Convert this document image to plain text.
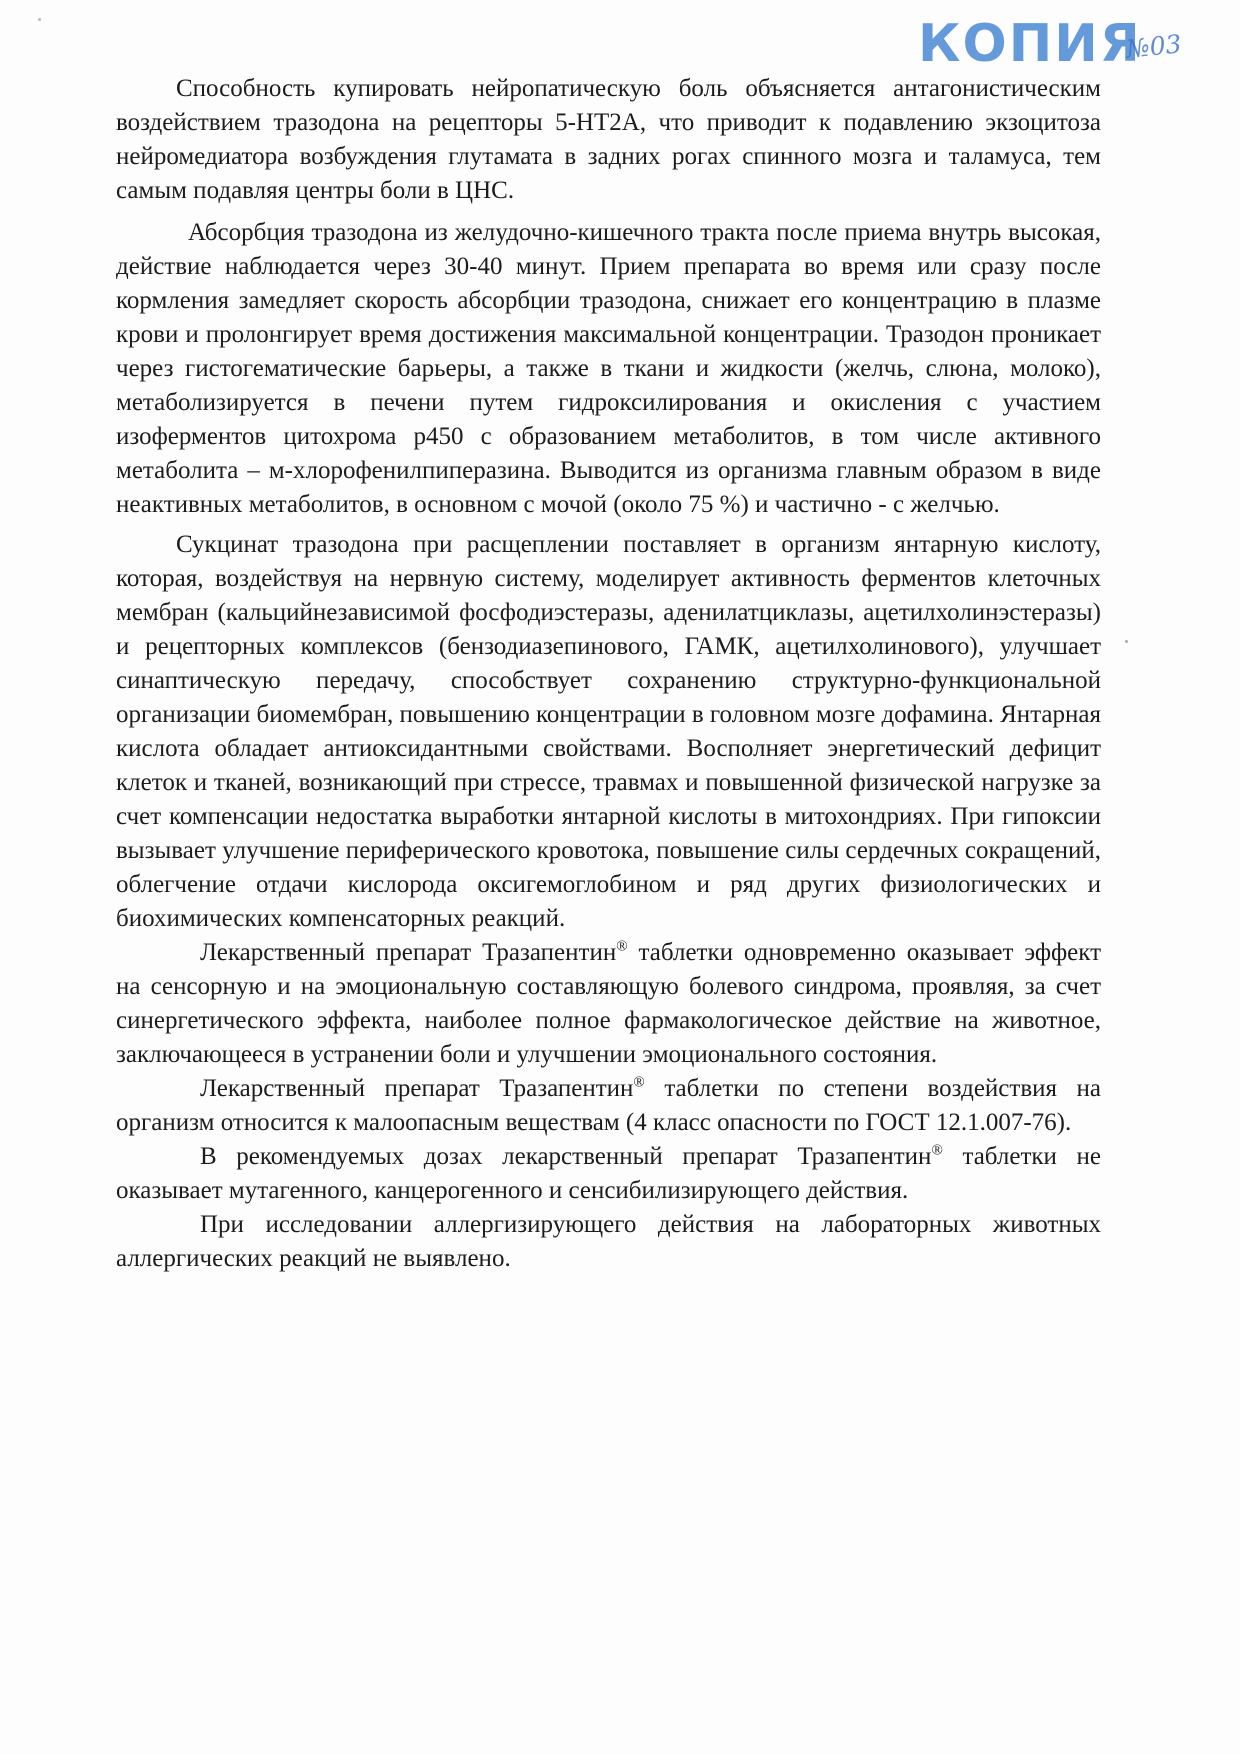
КОПИЯ
№03

Способность купировать нейропатическую боль объясняется антагонистическим воздействием тразодона на рецепторы 5-HT2A, что приводит к подавлению экзоцитоза нейромедиатора возбуждения глутамата в задних рогах спинного мозга и таламуса, тем самым подавляя центры боли в ЦНС.

Абсорбция тразодона из желудочно-кишечного тракта после приема внутрь высокая, действие наблюдается через 30-40 минут. Прием препарата во время или сразу после кормления замедляет скорость абсорбции тразодона, снижает его концентрацию в плазме крови и пролонгирует время достижения максимальной концентрации. Тразодон проникает через гистогематические барьеры, а также в ткани и жидкости (желчь, слюна, молоко), метаболизируется в печени путем гидроксилирования и окисления с участием изоферментов цитохрома p450 с образованием метаболитов, в том числе активного метаболита – м-хлорофенилпиперазина. Выводится из организма главным образом в виде неактивных метаболитов, в основном с мочой (около 75 %) и частично - с желчью.

Сукцинат тразодона при расщеплении поставляет в организм янтарную кислоту, которая, воздействуя на нервную систему, моделирует активность ферментов клеточных мембран (кальцийнезависимой фосфодиэстеразы, аденилатциклазы, ацетилхолинэстеразы) и рецепторных комплексов (бензодиазепинового, ГАМК, ацетилхолинового), улучшает синаптическую передачу, способствует сохранению структурно-функциональной организации биомембран, повышению концентрации в головном мозге дофамина. Янтарная кислота обладает антиоксидантными свойствами. Восполняет энергетический дефицит клеток и тканей, возникающий при стрессе, травмах и повышенной физической нагрузке за счет компенсации недостатка выработки янтарной кислоты в митохондриях. При гипоксии вызывает улучшение периферического кровотока, повышение силы сердечных сокращений, облегчение отдачи кислорода оксигемоглобином и ряд других физиологических и биохимических компенсаторных реакций.

Лекарственный препарат Тразапентин® таблетки одновременно оказывает эффект на сенсорную и на эмоциональную составляющую болевого синдрома, проявляя, за счет синергетического эффекта, наиболее полное фармакологическое действие на животное, заключающееся в устранении боли и улучшении эмоционального состояния.

Лекарственный препарат Тразапентин® таблетки по степени воздействия на организм относится к малоопасным веществам (4 класс опасности по ГОСТ 12.1.007-76).

В рекомендуемых дозах лекарственный препарат Тразапентин® таблетки не оказывает мутагенного, канцерогенного и сенсибилизирующего действия.

При исследовании аллергизирующего действия на лабораторных животных аллергических реакций не выявлено.
